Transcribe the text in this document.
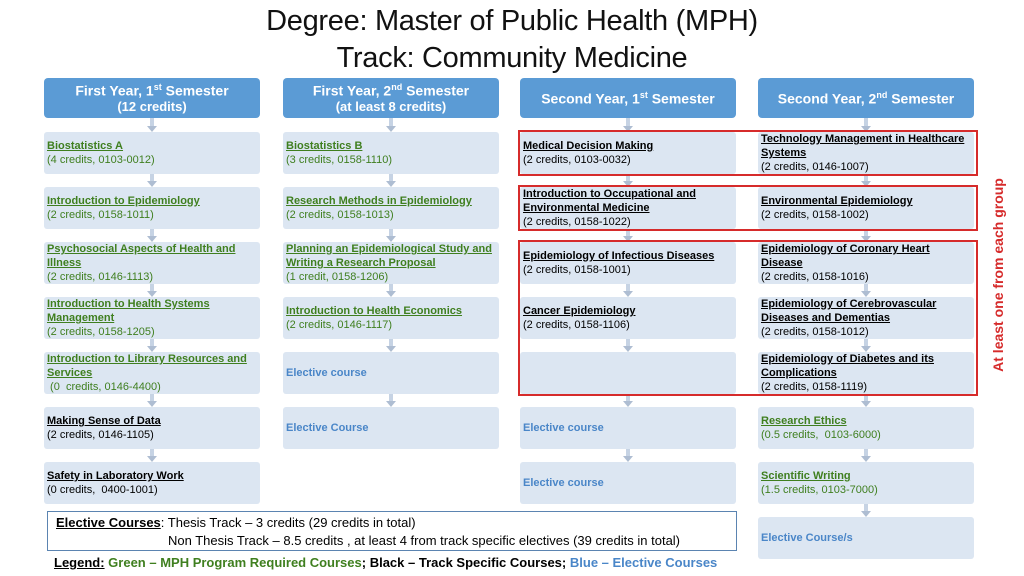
Degree: Master of Public Health (MPH)
Track: Community Medicine
First Year, 1st Semester
(12 credits)
First Year, 2nd Semester
(at least 8 credits)	Second Year, 1st Semester	Second Year, 2nd Semester
Biostatistics A
(4 credits, 0103-0012)
Introduction to Epidemiology
(2 credits, 0158-1011)
Psychosocial Aspects of Health and Illness
(2 credits, 0146-1113)
Introduction to Health Systems Management
(2 credits, 0158-1205)
Introduction to Library Resources and Services
(0  credits, 0146-4400)
Making Sense of Data
(2 credits, 0146-1105)
Safety in Laboratory Work
(0 credits,  0400-1001)
Biostatistics B
(3 credits, 0158-1110)
Research Methods in Epidemiology
(2 credits, 0158-1013)
Planning an Epidemiological Study and Writing a Research Proposal
(1 credit, 0158-1206)
Introduction to Health Economics
(2 credits, 0146-1117)
Elective course
Elective Course
Medical Decision Making
(2 credits, 0103-0032)
Introduction to Occupational and Environmental Medicine
(2 credits, 0158-1022)
Epidemiology of Infectious Diseases
(2 credits, 0158-1001)
Cancer Epidemiology
(2 credits, 0158-1106)
Elective course
Elective course
Technology Management in Healthcare Systems
(2 credits, 0146-1007)
Environmental Epidemiology
(2 credits, 0158-1002)
Epidemiology of Coronary Heart Disease
(2 credits, 0158-1016)
Epidemiology of Cerebrovascular Diseases and Dementias
(2 credits, 0158-1012)
Epidemiology of Diabetes and its Complications
(2 credits, 0158-1119)
Research Ethics
(0.5 credits,  0103-6000)
Scientific Writing
(1.5 credits, 0103-7000)
Elective Course/s
At least one from each group
Elective Courses: Thesis Track – 3 credits (29 credits in total)
Non Thesis Track – 8.5 credits , at least 4 from track specific electives (39 credits in total)
Legend: Green – MPH Program Required Courses; Black – Track Specific Courses; Blue – Elective Courses
